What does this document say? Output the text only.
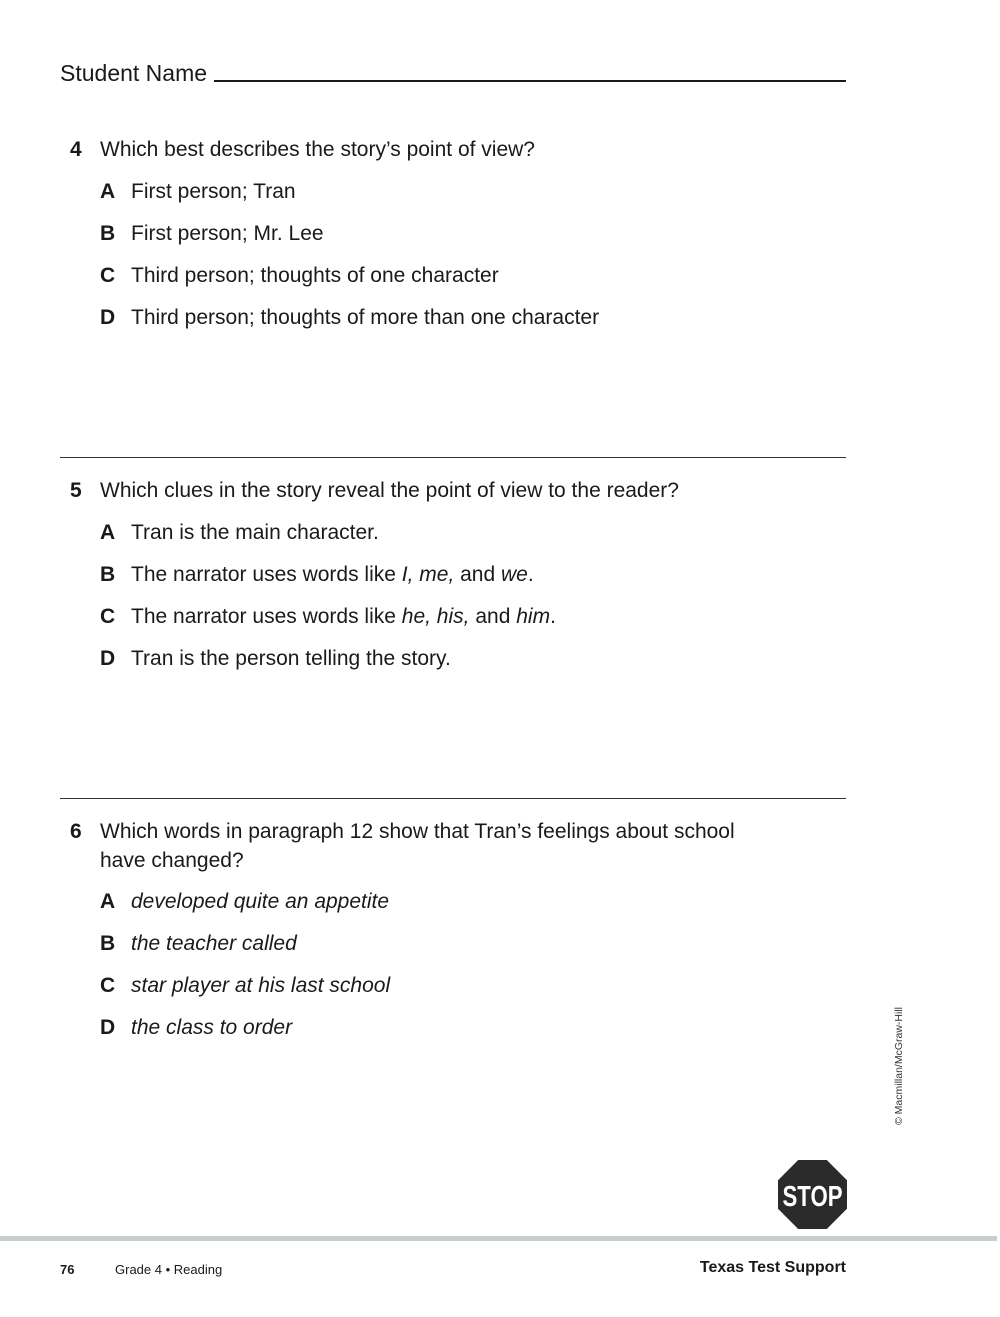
Student Name
4 Which best describes the story’s point of view?
A First person; Tran
B First person; Mr. Lee
C Third person; thoughts of one character
D Third person; thoughts of more than one character
5 Which clues in the story reveal the point of view to the reader?
A Tran is the main character.
B The narrator uses words like I, me, and we.
C The narrator uses words like he, his, and him.
D Tran is the person telling the story.
6 Which words in paragraph 12 show that Tran’s feelings about school
have changed?
A developed quite an appetite
B the teacher called
C star player at his last school
D the class to order	© Macmillan/McGraw-Hill
STOP
76	Grade 4 • Reading	Texas Test Support
